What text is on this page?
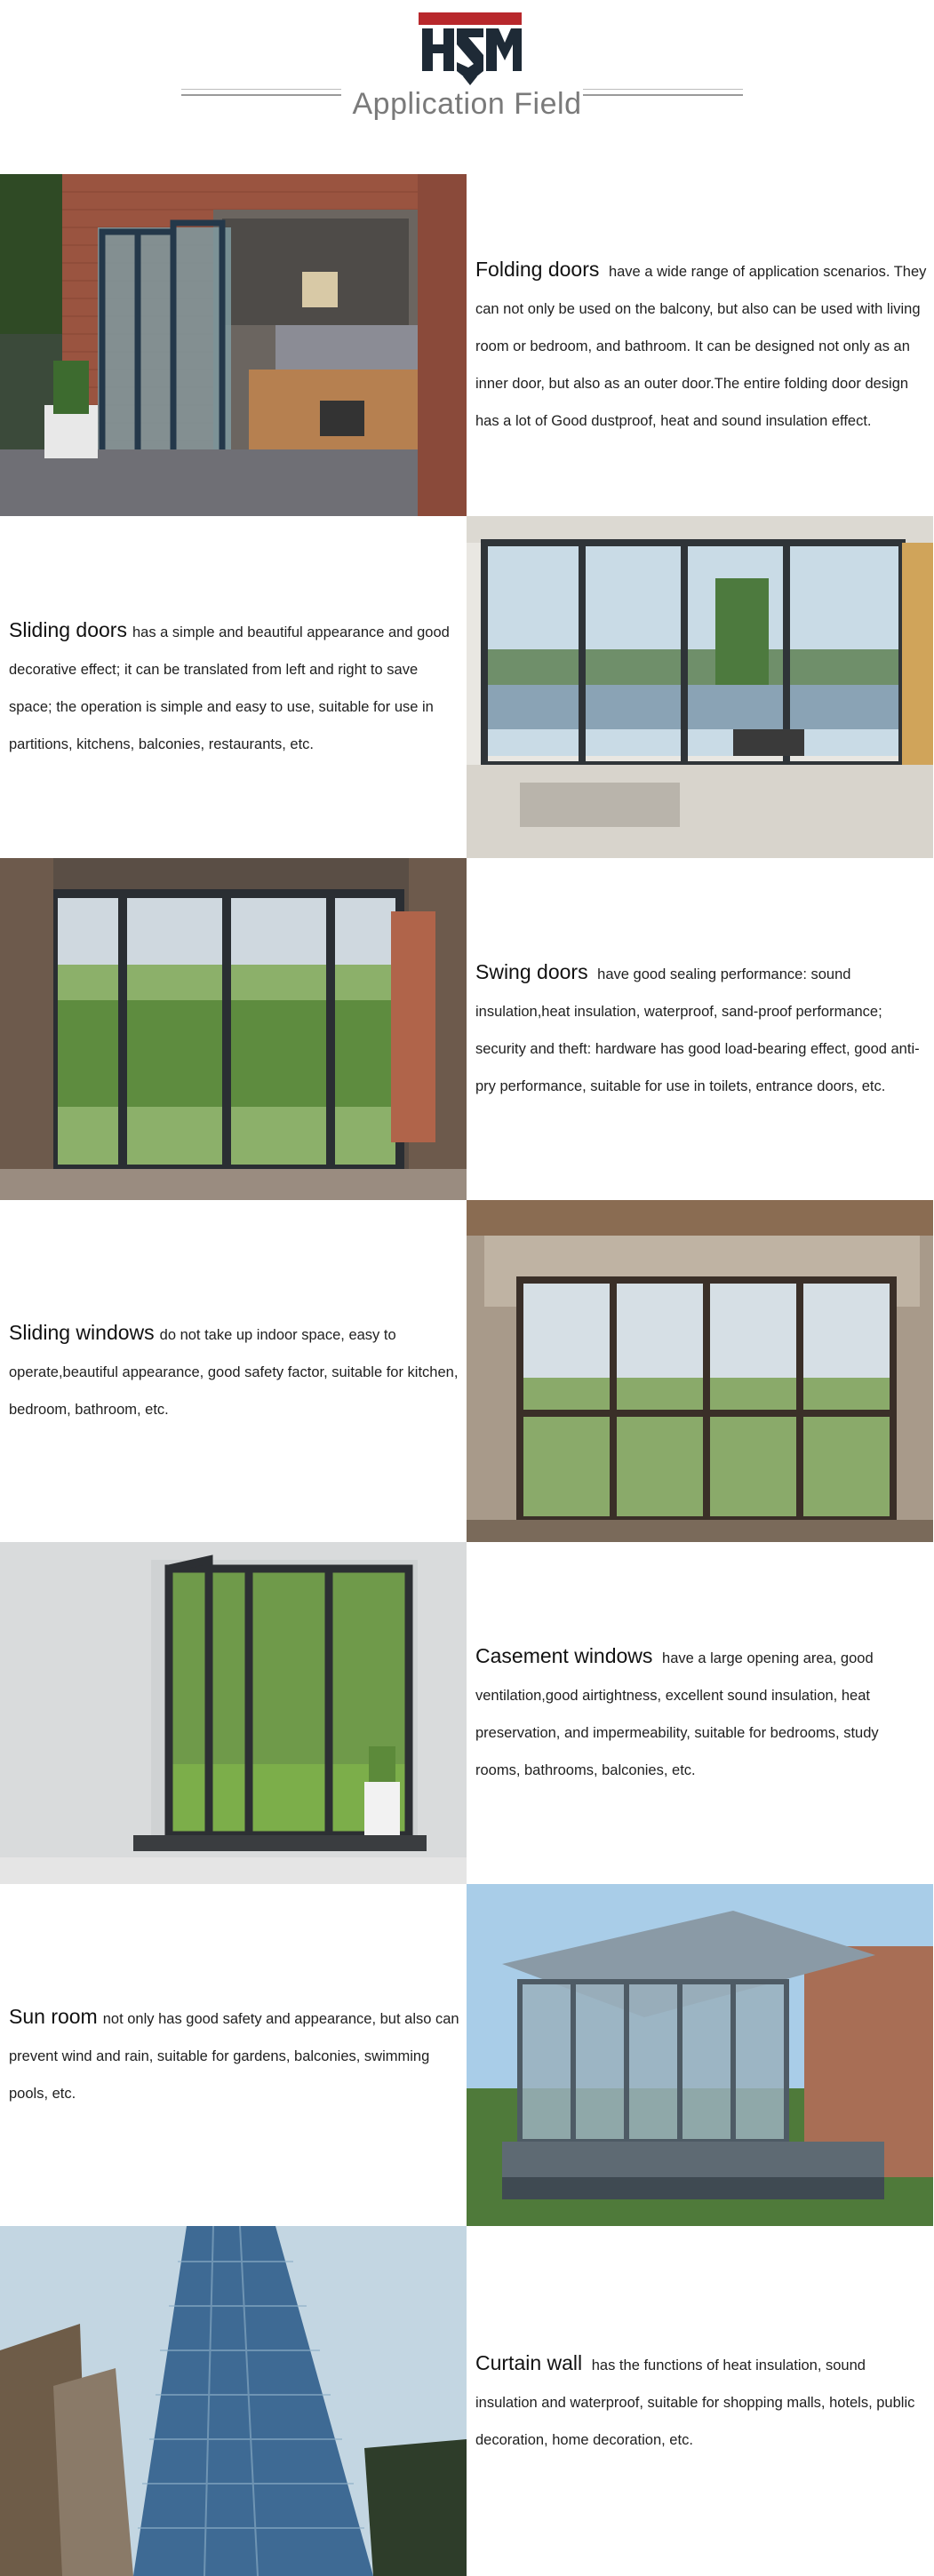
Application Field

Folding doors have a wide range of application scenarios. They can not only be used on the balcony, but also can be used with living room or bedroom, and bathroom. It can be designed not only as an inner door, but also as an outer door.The entire folding door design has a lot of Good dustproof, heat and sound insulation effect.

Sliding doors has a simple and beautiful appearance and good decorative effect; it can be translated from left and right to save space; the operation is simple and easy to use, suitable for use in partitions, kitchens, balconies, restaurants, etc.

Swing doors have good sealing performance: sound insulation,heat insulation, waterproof, sand-proof performance; security and theft: hardware has good load-bearing effect, good anti-pry performance, suitable for use in toilets, entrance doors, etc.

Sliding windows do not take up indoor space, easy to operate,beautiful appearance, good safety factor, suitable for kitchen, bedroom, bathroom, etc.

Casement windows have a large opening area, good ventilation,good airtightness, excellent sound insulation, heat preservation, and impermeability, suitable for bedrooms, study rooms, bathrooms, balconies, etc.

Sun room not only has good safety and appearance, but also can prevent wind and rain, suitable for gardens, balconies, swimming pools, etc.

Curtain wall has the functions of heat insulation, sound insulation and waterproof, suitable for shopping malls, hotels, public decoration, home decoration, etc.
